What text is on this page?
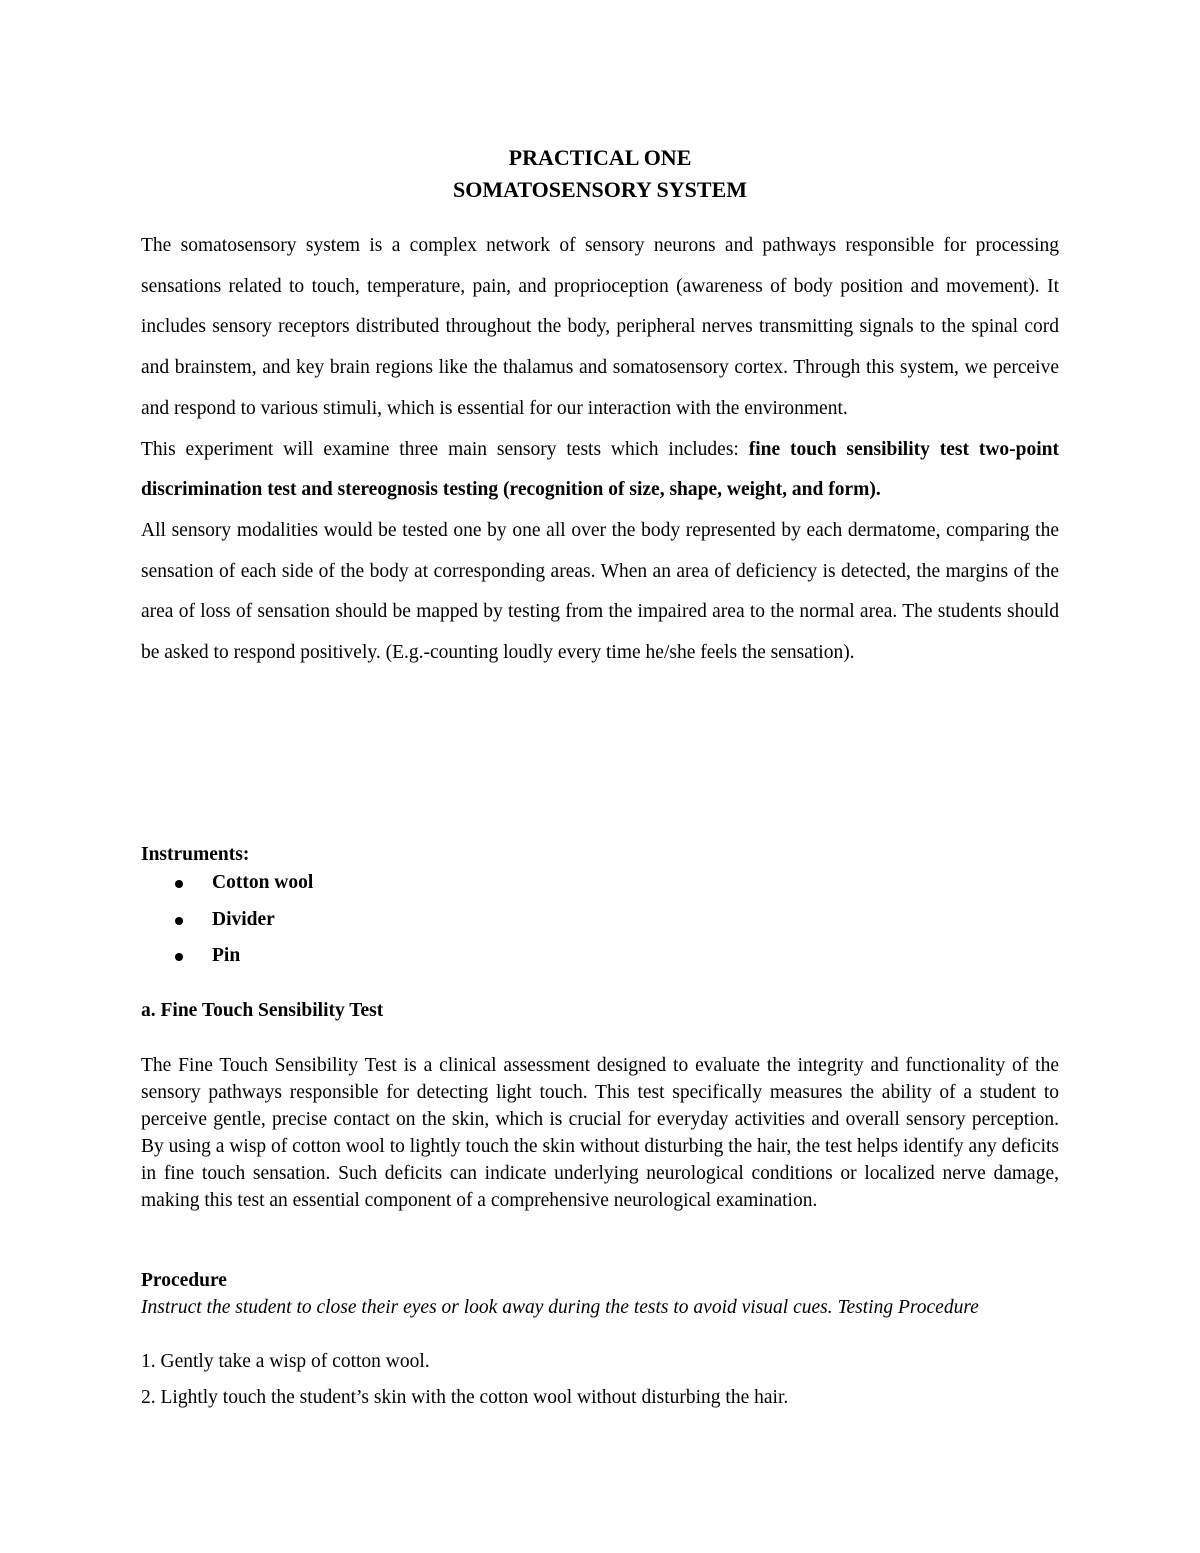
PRACTICAL ONE
SOMATOSENSORY SYSTEM

The somatosensory system is a complex network of sensory neurons and pathways responsible for processing sensations related to touch, temperature, pain, and proprioception (awareness of body position and movement). It includes sensory receptors distributed throughout the body, peripheral nerves transmitting signals to the spinal cord and brainstem, and key brain regions like the thalamus and somatosensory cortex. Through this system, we perceive and respond to various stimuli, which is essential for our interaction with the environment.

This experiment will examine three main sensory tests which includes: fine touch sensibility test two-point discrimination test and stereognosis testing (recognition of size, shape, weight, and form).

All sensory modalities would be tested one by one all over the body represented by each dermatome, comparing the sensation of each side of the body at corresponding areas. When an area of deficiency is detected, the margins of the area of loss of sensation should be mapped by testing from the impaired area to the normal area. The students should be asked to respond positively. (E.g.-counting loudly every time he/she feels the sensation).

Instruments:
Cotton wool
Divider
Pin
a. Fine Touch Sensibility Test

The Fine Touch Sensibility Test is a clinical assessment designed to evaluate the integrity and functionality of the sensory pathways responsible for detecting light touch. This test specifically measures the ability of a student to perceive gentle, precise contact on the skin, which is crucial for everyday activities and overall sensory perception. By using a wisp of cotton wool to lightly touch the skin without disturbing the hair, the test helps identify any deficits in fine touch sensation. Such deficits can indicate underlying neurological conditions or localized nerve damage, making this test an essential component of a comprehensive neurological examination.

Procedure
Instruct the student to close their eyes or look away during the tests to avoid visual cues. Testing Procedure
1. Gently take a wisp of cotton wool.
2. Lightly touch the student’s skin with the cotton wool without disturbing the hair.
